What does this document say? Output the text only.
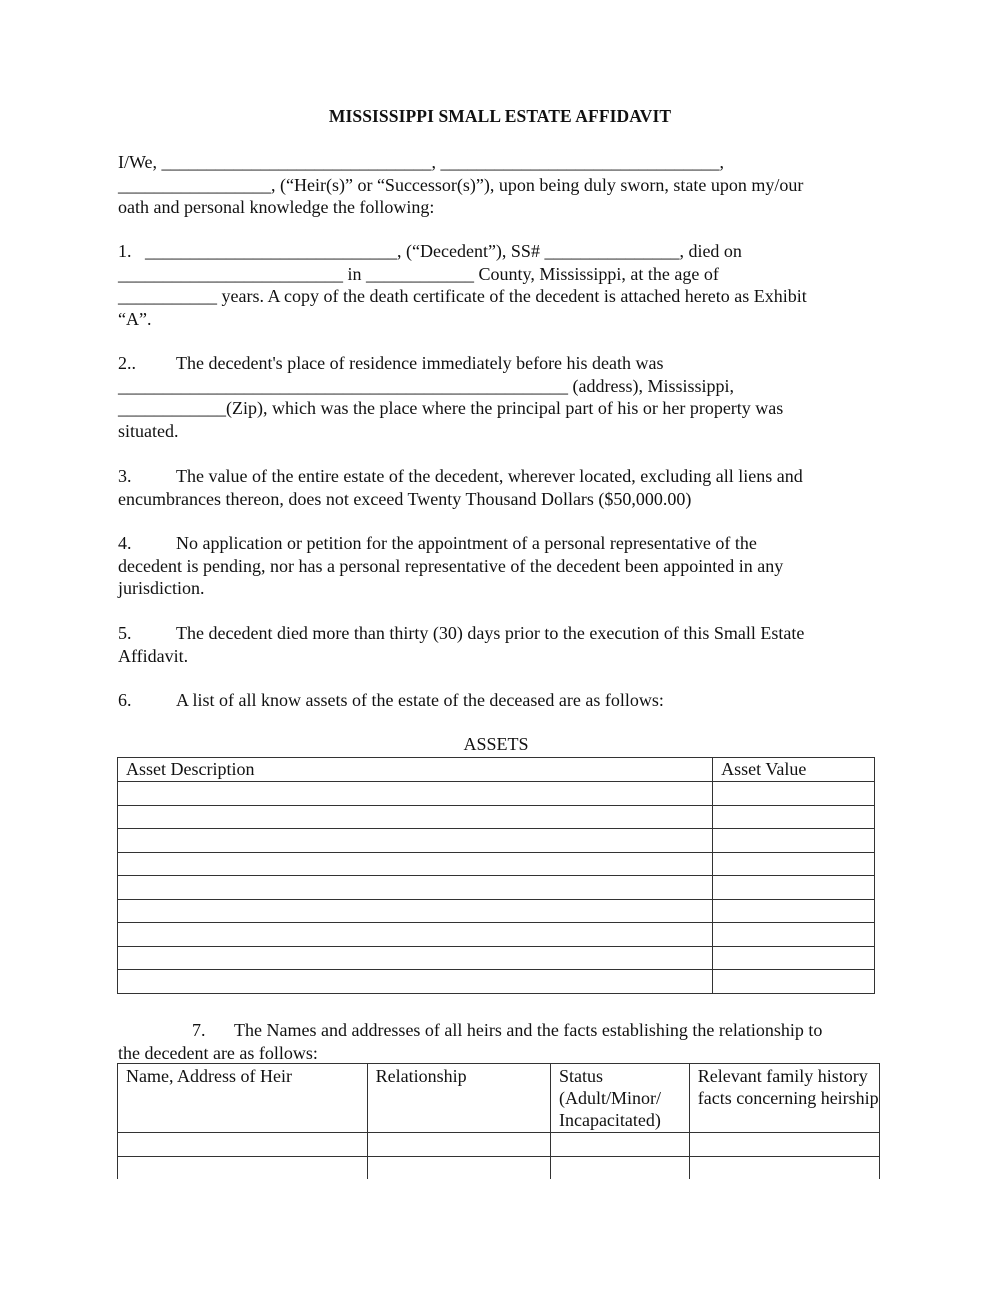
MISSISSIPPI SMALL ESTATE AFFIDAVIT
I/We, ______________________________, _______________________________,
_________________, (“Heir(s)” or “Successor(s)”), upon being duly sworn, state upon my/our
oath and personal knowledge the following:
1. ____________________________, (“Decedent”), SS# _______________, died on
_________________________ in ____________ County, Mississippi, at the age of
___________ years. A copy of the death certificate of the decedent is attached hereto as Exhibit
“A”.
2.. The decedent's place of residence immediately before his death was
__________________________________________________ (address), Mississippi,
____________(Zip), which was the place where the principal part of his or her property was
situated.
3. The value of the entire estate of the decedent, wherever located, excluding all liens and
encumbrances thereon, does not exceed Twenty Thousand Dollars ($50,000.00)
4. No application or petition for the appointment of a personal representative of the
decedent is pending, nor has a personal representative of the decedent been appointed in any
jurisdiction.
5. The decedent died more than thirty (30) days prior to the execution of this Small Estate
Affidavit.
6. A list of all know assets of the estate of the deceased are as follows:
ASSETS
Asset Description	Asset Value

7. The Names and addresses of all heirs and the facts establishing the relationship to
the decedent are as follows:
Name, Address of Heir	Relationship	Status (Adult/Minor/ Incapacitated)	Relevant family history facts concerning heirship
